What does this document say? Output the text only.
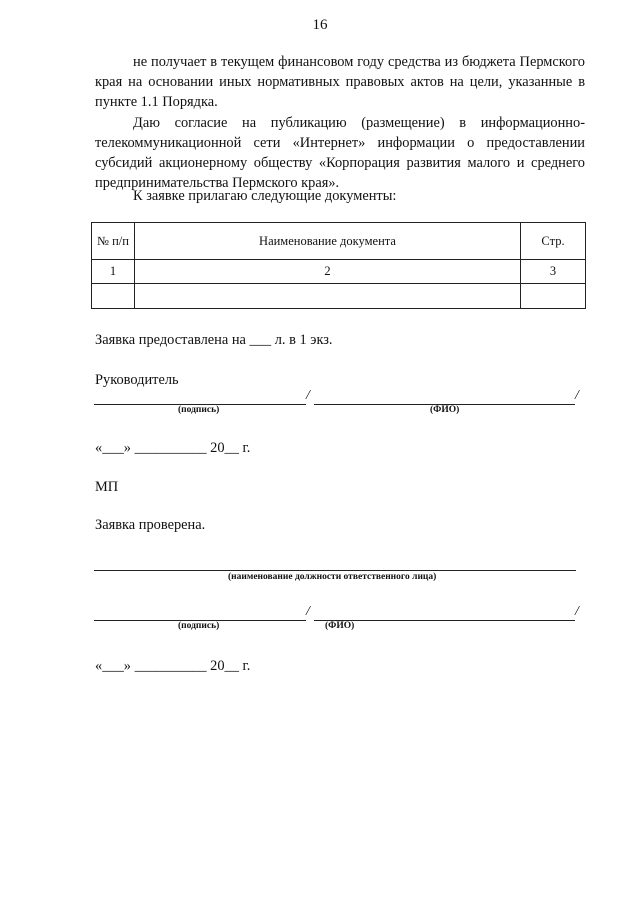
16
не получает в текущем финансовом году средства из бюджета Пермского края на основании иных нормативных правовых актов на цели, указанные в пункте 1.1 Порядка.
Даю согласие на публикацию (размещение) в информационно-телекоммуникационной сети «Интернет» информации о предоставлении субсидий акционерному обществу «Корпорация развития малого и среднего предпринимательства Пермского края».
К заявке прилагаю следующие документы:
№ п/п	Наименование документа	Стр.
1	2	3

Заявка предоставлена на ___ л. в 1 экз.
Руководитель
/	/
(подпись)	(ФИО)
«___» __________ 20__ г.
МП
Заявка проверена.
(наименование должности ответственного лица)
/	/
(подпись)	(ФИО)
«___» __________ 20__ г.
